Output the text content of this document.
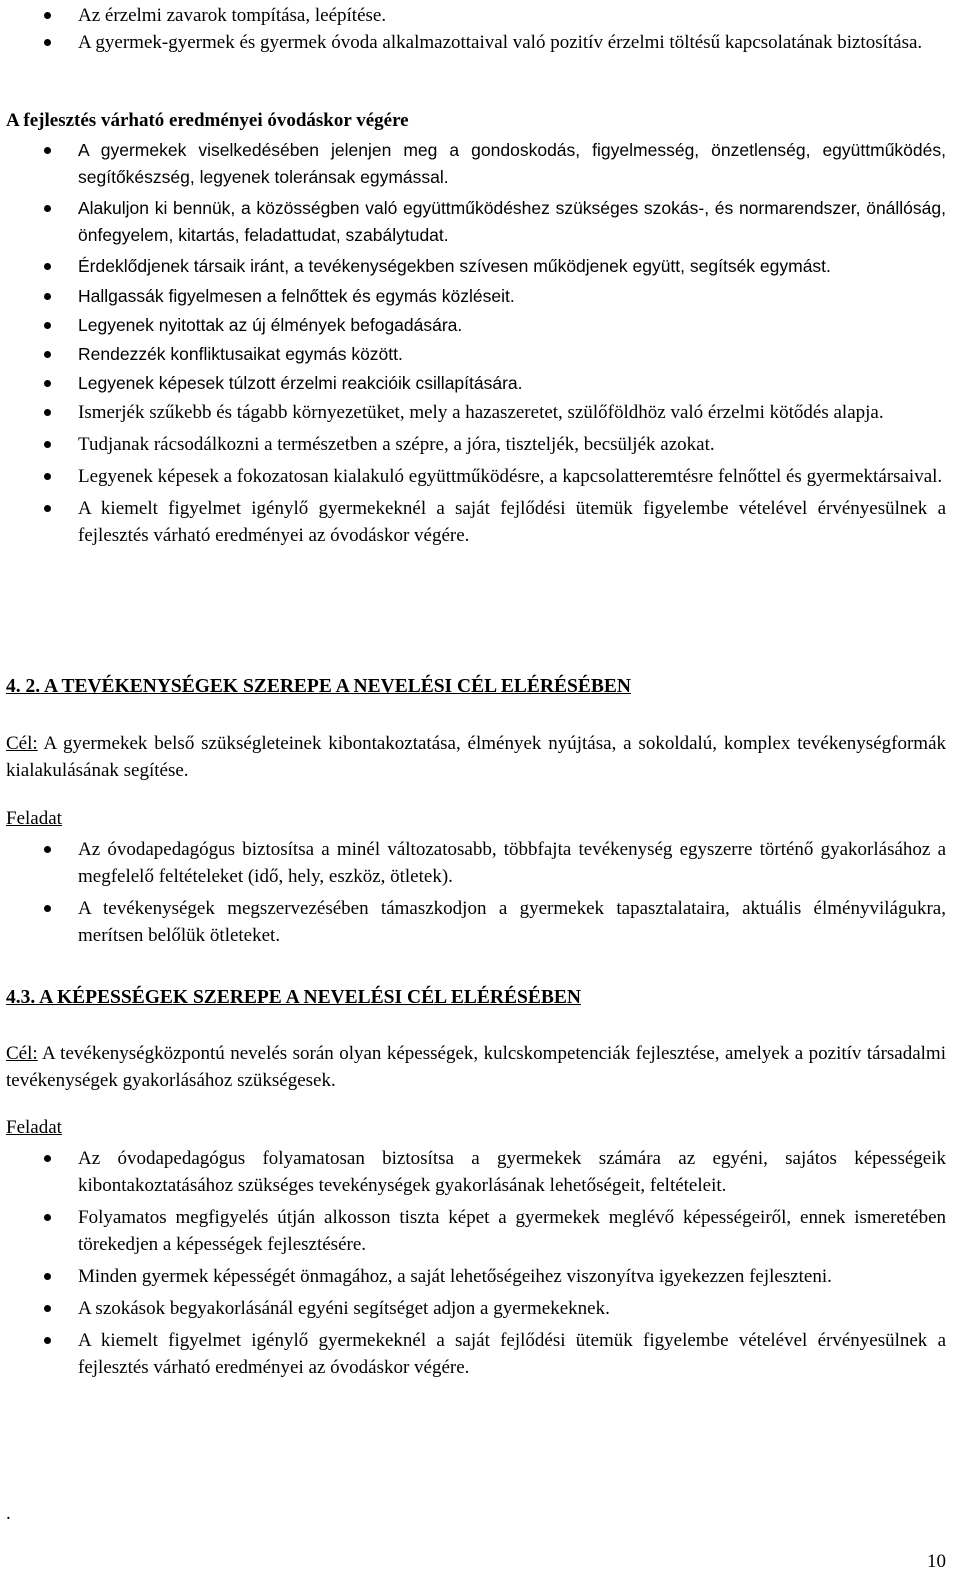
Az érzelmi zavarok tompítása, leépítése.
A gyermek-gyermek és gyermek óvoda alkalmazottaival való pozitív érzelmi töltésű kapcsolatának biztosítása.
A fejlesztés várható eredményei óvodáskor végére
A gyermekek viselkedésében jelenjen meg a gondoskodás, figyelmesség, önzetlenség, együttműködés, segítőkészség, legyenek toleránsak egymással.
Alakuljon ki bennük, a közösségben való együttműködéshez szükséges szokás-, és normarendszer, önállóság, önfegyelem, kitartás, feladattudat, szabálytudat.
Érdeklődjenek társaik iránt, a tevékenységekben szívesen működjenek együtt, segítsék egymást.
Hallgassák figyelmesen a felnőttek és egymás közléseit.
Legyenek nyitottak az új élmények befogadására.
Rendezzék konfliktusaikat egymás között.
Legyenek képesek túlzott érzelmi reakcióik csillapítására.
Ismerjék szűkebb és tágabb környezetüket, mely a hazaszeretet, szülőföldhöz való érzelmi kötődés alapja.
Tudjanak rácsodálkozni a természetben a szépre, a jóra, tiszteljék, becsüljék azokat.
Legyenek képesek a fokozatosan kialakuló együttműködésre, a kapcsolatteremtésre felnőttel és gyermektársaival.
A kiemelt figyelmet igénylő gyermekeknél a saját fejlődési ütemük figyelembe vételével érvényesülnek a fejlesztés várható eredményei az óvodáskor végére.
4. 2. A TEVÉKENYSÉGEK SZEREPE A NEVELÉSI CÉL ELÉRÉSÉBEN
Cél: A gyermekek belső szükségleteinek kibontakoztatása, élmények nyújtása, a sokoldalú, komplex tevékenységformák kialakulásának segítése.
Feladat
Az óvodapedagógus biztosítsa a minél változatosabb, többfajta tevékenység egyszerre történő gyakorlásához a megfelelő feltételeket (idő, hely, eszköz, ötletek).
A tevékenységek megszervezésében támaszkodjon a gyermekek tapasztalataira, aktuális élményvilágukra, merítsen belőlük ötleteket.
4.3. A KÉPESSÉGEK SZEREPE A NEVELÉSI CÉL ELÉRÉSÉBEN
Cél: A tevékenységközpontú nevelés során olyan képességek, kulcskompetenciák fejlesztése, amelyek a pozitív társadalmi tevékenységek gyakorlásához szükségesek.
Feladat
Az óvodapedagógus folyamatosan biztosítsa a gyermekek számára az egyéni, sajátos képességeik kibontakoztatásához szükséges tevekénységek gyakorlásának lehetőségeit, feltételeit.
Folyamatos megfigyelés útján alkosson tiszta képet a gyermekek meglévő képességeiről, ennek ismeretében törekedjen a képességek fejlesztésére.
Minden gyermek képességét önmagához, a saját lehetőségeihez viszonyítva igyekezzen fejleszteni.
A szokások begyakorlásánál egyéni segítséget adjon a gyermekeknek.
A kiemelt figyelmet igénylő gyermekeknél a saját fejlődési ütemük figyelembe vételével érvényesülnek a fejlesztés várható eredményei az óvodáskor végére.
.
10
